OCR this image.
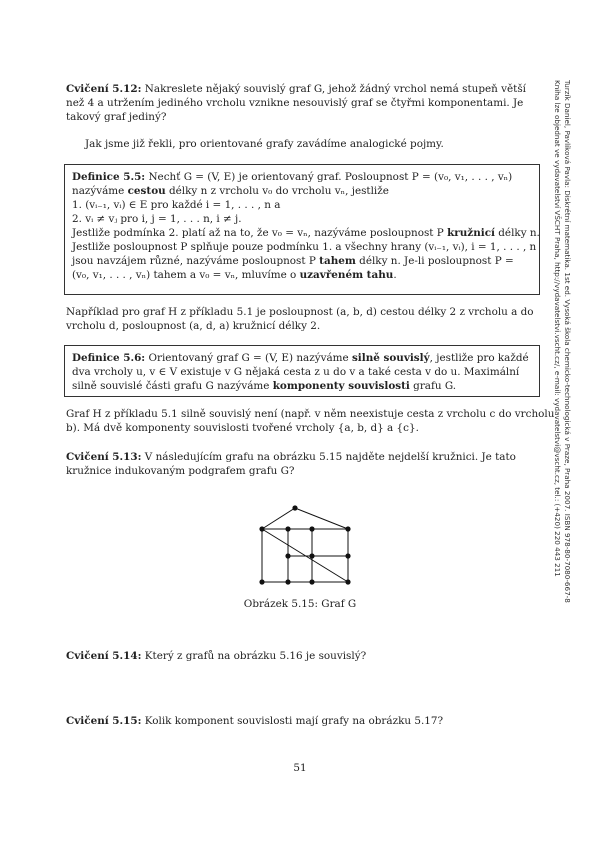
Turzík Daniel, Pavlíková Pavla: Diskrétní matematika. 1st ed. Vysoká škola chemicko-technologická v Praze, Praha 2007. ISBN 978-80-7080-667-8
Kniha lze objednat ve vydavatelství VŠCHT Praha, http://vydavatelstvi.vscht.cz/, e-mail: vydavatelstvi@vscht.cz, tel.: (+420) 220 443 211
Cvičení 5.12: Nakreslete nějaký souvislý graf G, jehož žádný vrchol nemá stupeň větší než 4 a utržením jediného vrcholu vznikne nesouvislý graf se čtyřmi komponentami. Je takový graf jediný?
Jak jsme již řekli, pro orientované grafy zavádíme analogické pojmy.
Definice 5.5: Nechť G = (V, E) je orientovaný graf. Posloupnost P = (v₀, v₁, . . . , vₙ)
nazýváme cestou délky n z vrcholu v₀ do vrcholu vₙ, jestliže
1. (vᵢ₋₁, vᵢ) ∈ E pro každé i = 1, . . . , n a
2. vᵢ ≠ vⱼ pro i, j = 1, . . . n, i ≠ j.
Jestliže podmínka 2. platí až na to, že v₀ = vₙ, nazýváme posloupnost P kružnicí délky n.
Jestliže posloupnost P splňuje pouze podmínku 1. a všechny hrany (vᵢ₋₁, vᵢ), i = 1, . . . , n
jsou navzájem různé, nazýváme posloupnost P tahem délky n. Je-li posloupnost P =
(v₀, v₁, . . . , vₙ) tahem a v₀ = vₙ, mluvíme o uzavřeném tahu.
Například pro graf H z příkladu 5.1 je posloupnost (a, b, d) cestou délky 2 z vrcholu a do
vrcholu d, posloupnost (a, d, a) kružnicí délky 2.
Definice 5.6: Orientovaný graf G = (V, E) nazýváme silně souvislý, jestliže pro každé
dva vrcholy u, v ∈ V existuje v G nějaká cesta z u do v a také cesta v do u. Maximální
silně souvislé části grafu G nazýváme komponenty souvislosti grafu G.
Graf H z příkladu 5.1 silně souvislý není (např. v něm neexistuje cesta z vrcholu c do vrcholu
b). Má dvě komponenty souvislosti tvořené vrcholy {a, b, d} a {c}.
Cvičení 5.13: V následujícím grafu na obrázku 5.15 najděte nejdelší kružnici. Je tato
kružnice indukovaným podgrafem grafu G?
Obrázek 5.15: Graf G
Cvičení 5.14: Který z grafů na obrázku 5.16 je souvislý?
Cvičení 5.15: Kolik komponent souvislosti mají grafy na obrázku 5.17?
51
